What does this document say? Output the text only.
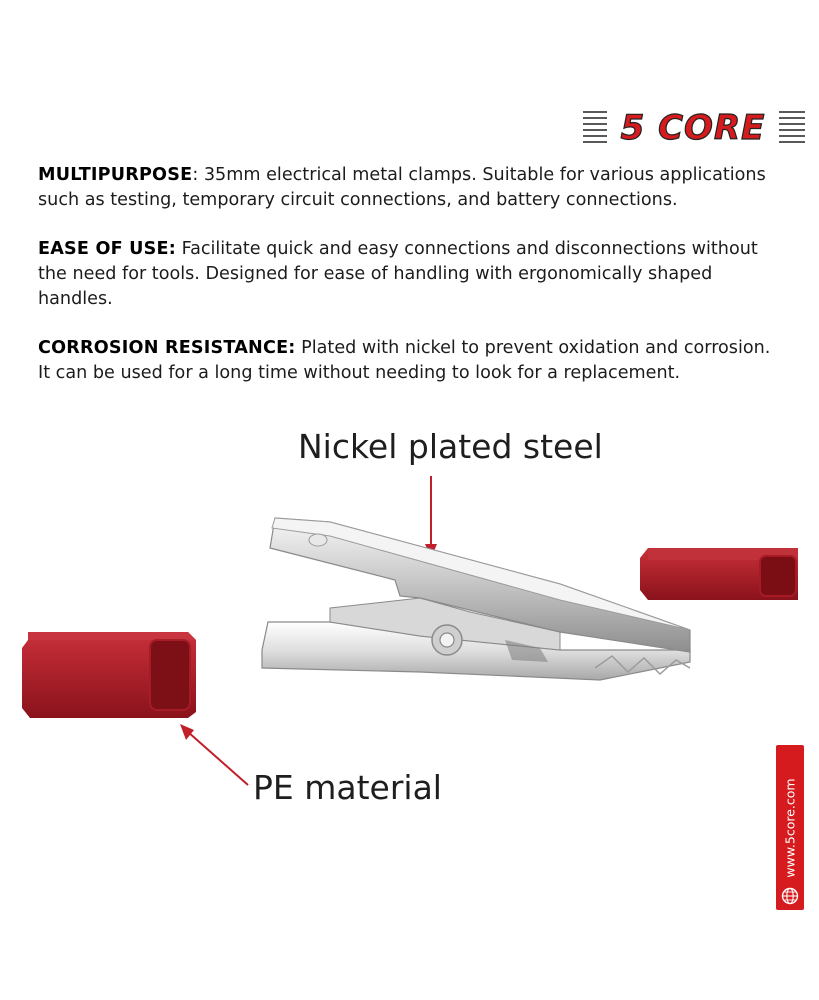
5 CORE

MULTIPURPOSE: 35mm electrical metal clamps. Suitable for various applications such as testing, temporary circuit connections, and battery connections.

EASE OF USE: Facilitate quick and easy connections and disconnections without the need for tools. Designed for ease of handling with ergonomically shaped handles.

CORROSION RESISTANCE: Plated with nickel to prevent oxidation and corrosion. It can be used for a long time without needing to look for a replacement.

Nickel plated steel
PE material	www.5core.com
